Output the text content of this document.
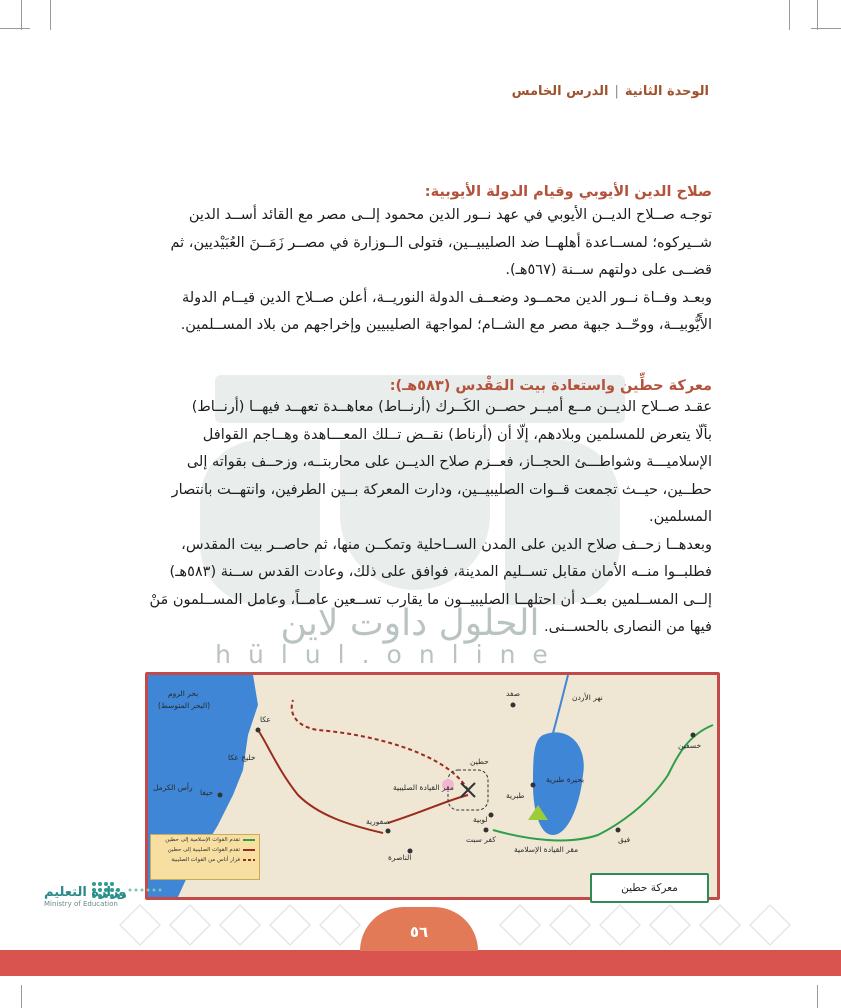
الوحدة الثانية
|
الدرس الخامس
الحلول داوت لاين
hülul.online
صلاح الدين الأيوبي وقيام الدولة الأيوبية:
توجـه صــلاح الديــن الأيوبي في عهد نــور الدين محمود إلــى مصر مع القائد أســد الدين
شــيركوه؛ لمســاعدة أهلهــا ضد الصليبيــين، فتولى الــوزارة في مصــر زَمَــنَ العُبَيْديين، ثم
قضــى على دولتهم ســنة (٥٦٧هـ).
وبعـد وفــاة نــور الدين محمــود وضعــف الدولة النوريــة، أعلن صــلاح الدين قيــام الدولة
الأَيُّوبيــة، ووحّــد جبهة مصر مع الشــام؛ لمواجهة الصليبيين وإخراجهم من بلاد المســلمين.
معركة حطِّين واستعادة بيت المَقْدس (٥٨٣هـ):
عقـد صــلاح الديــن مــع أميــر حصــن الكَــرك (أرنــاط) معاهــدة تعهــد فيهــا (أرنــاط)
بألّا يتعرض للمسلمين وبلادهم، إلّا أن (أرناط) نقــض تــلك المعـــاهدة وهــاجم القوافل
الإسلاميـــة وشواطـــئ الحجــاز، فعــزم صلاح الديــن على محاربتــه، وزحــف بقواته إلى
حطــين، حيــث تجمعت قــوات الصليبيــين، ودارت المعركة بــين الطرفين، وانتهــت بانتصار
المسلمين.
وبعدهــا زحــف صلاح الدين على المدن الســاحلية وتمكــن منها، ثم حاصــر بيت المقدس،
فطلبــوا منــه الأمان مقابل تســليم المدينة، فوافق على ذلك، وعادت القدس ســنة (٥٨٣هـ)
إلــى المســلمين بعــد أن احتلهــا الصليبيــون ما يقارب تســعين عامــاً، وعامل المســلمون مَنْ
فيها من النصارى بالحســنى.
بحر الروم
(البحر المتوسط)
عكا
خليج عكا
حيفا
رأس الكرمل
صفد	نهر الأردن
حطين
طبرية
بحيرة طبرية
مقر القيادة الصليبية
مقر القيادة الإسلامية
لوبية
كفر سبت
صفورية
الناصرة
خسفين
فيق
تقدم القوات الإسلامية إلى حطين
تقدم القوات الصليبية إلى حطين
فرار أناس من القوات الصليبية
معركة حطين
٥٦
وزارة التعليم
Ministry of Education
2022 - 1444
